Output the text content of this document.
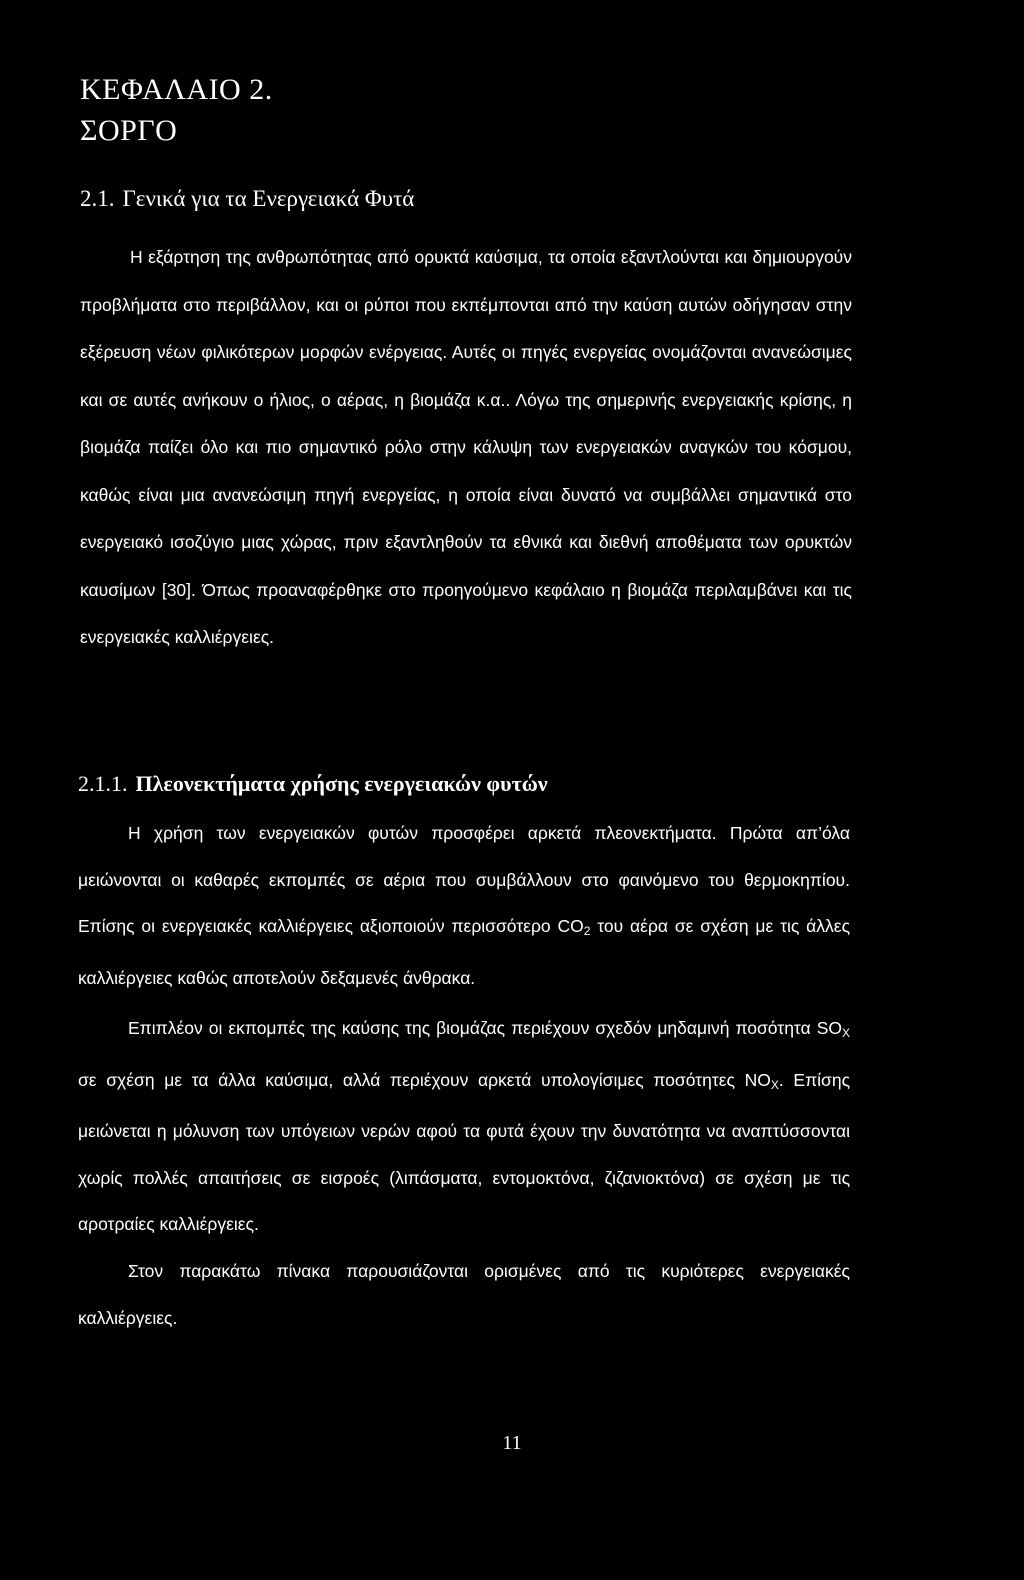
ΚΕΦΑΛΑΙΟ 2.
ΣΟΡΓΟ
2.1. Γενικά για τα Ενεργειακά Φυτά
Η εξάρτηση της ανθρωπότητας από ορυκτά καύσιμα, τα οποία εξαντλούνται και δημιουργούν προβλήματα στο περιβάλλον, και οι ρύποι που εκπέμπονται από την καύση αυτών οδήγησαν στην εξέρευση νέων φιλικότερων μορφών ενέργειας. Αυτές οι πηγές ενεργείας ονομάζονται ανανεώσιμες και σε αυτές ανήκουν ο ήλιος, ο αέρας, η βιομάζα κ.α.. Λόγω της σημερινής ενεργειακής κρίσης, η βιομάζα παίζει όλο και πιο σημαντικό ρόλο στην κάλυψη των ενεργειακών αναγκών του κόσμου, καθώς είναι μια ανανεώσιμη πηγή ενεργείας, η οποία είναι δυνατό να συμβάλλει σημαντικά στο ενεργειακό ισοζύγιο μιας χώρας, πριν εξαντληθούν τα εθνικά και διεθνή αποθέματα των ορυκτών καυσίμων [30]. Όπως προαναφέρθηκε στο προηγούμενο κεφάλαιο η βιομάζα περιλαμβάνει και τις ενεργειακές καλλιέργειες.
2.1.1. Πλεονεκτήματα χρήσης ενεργειακών φυτών
Η χρήση των ενεργειακών φυτών προσφέρει αρκετά πλεονεκτήματα. Πρώτα απ’όλα μειώνονται οι καθαρές εκπομπές σε αέρια που συμβάλλουν στο φαινόμενο του θερμοκηπίου. Επίσης οι ενεργειακές καλλιέργειες αξιοποιούν περισσότερο $CO_2$ του αέρα σε σχέση με τις άλλες καλλιέργειες καθώς αποτελούν δεξαμενές άνθρακα.
Επιπλέον οι εκπομπές της καύσης της βιομάζας περιέχουν σχεδόν μηδαμινή ποσότητα $SO_X$ σε σχέση με τα άλλα καύσιμα, αλλά περιέχουν αρκετά υπολογίσιμες ποσότητες $NO_X$. Επίσης μειώνεται η μόλυνση των υπόγειων νερών αφού τα φυτά έχουν την δυνατότητα να αναπτύσσονται χωρίς πολλές απαιτήσεις σε εισροές (λιπάσματα, εντομοκτόνα, ζιζανιοκτόνα) σε σχέση με τις αροτραίες καλλιέργειες.
Στον παρακάτω πίνακα παρουσιάζονται ορισμένες από τις κυριότερες ενεργειακές καλλιέργειες.
11
